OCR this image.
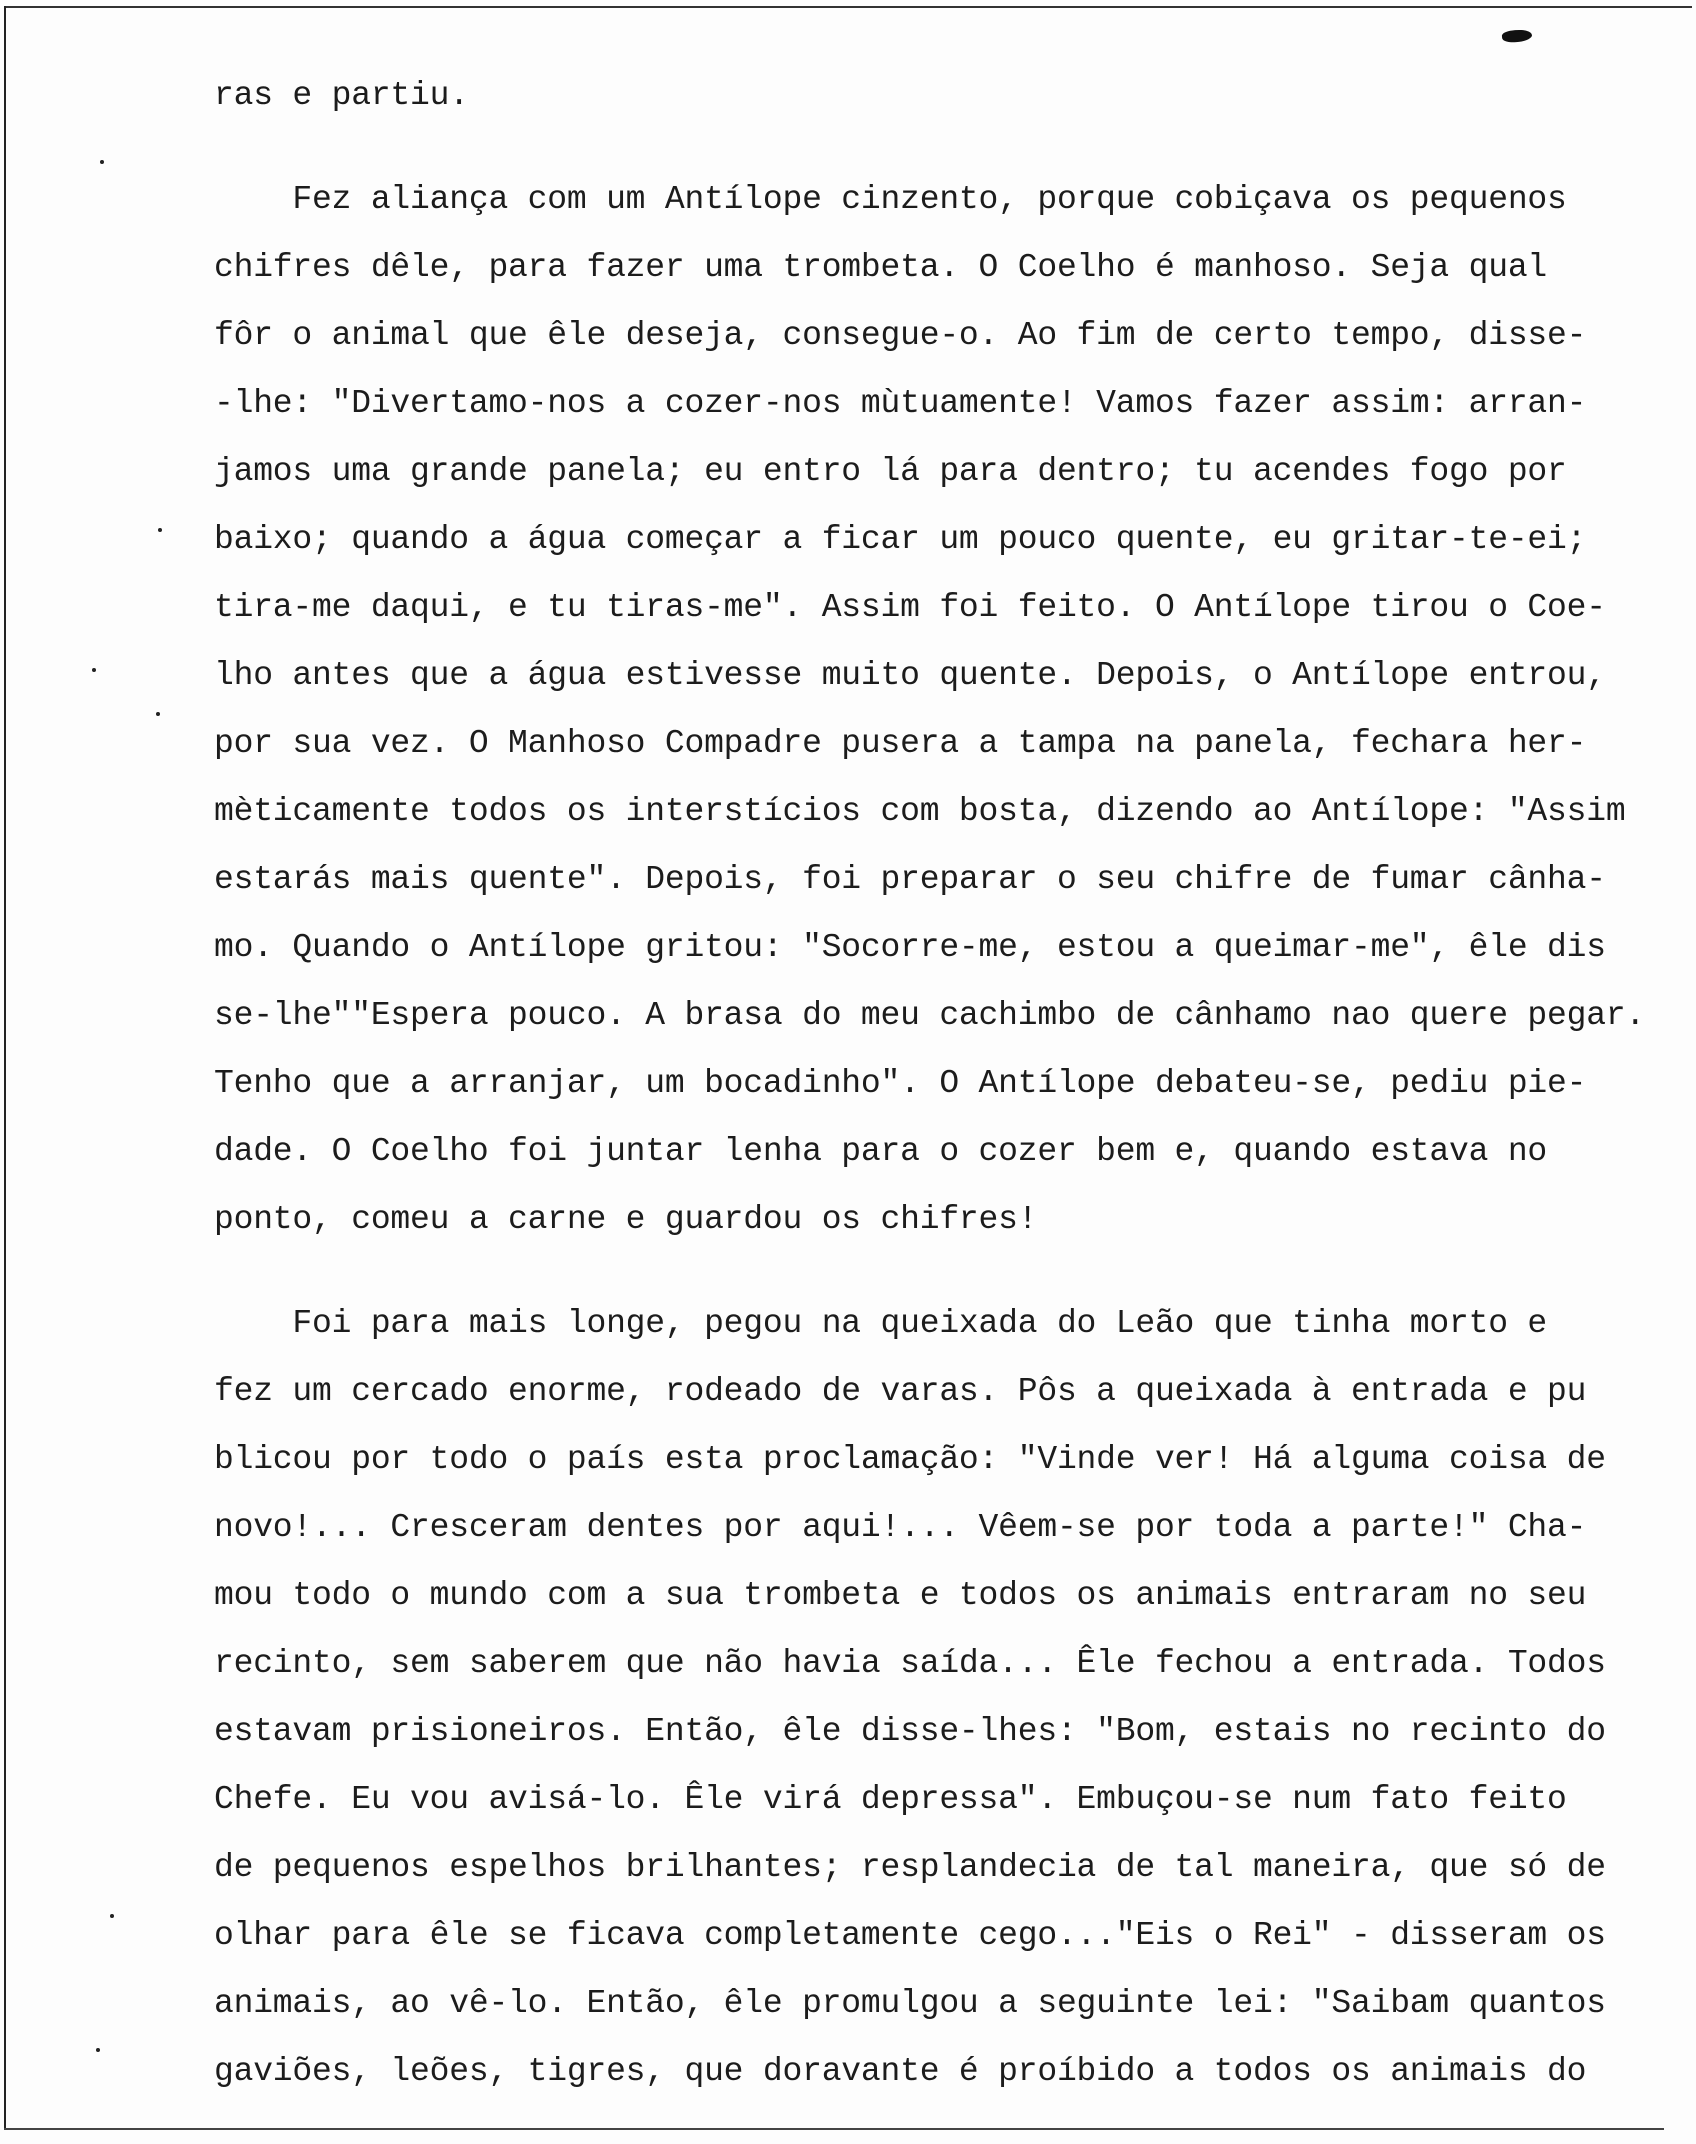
ras e partiu.
Fez aliança com um Antílope cinzento, porque cobiçava os pequenos
chifres dêle, para fazer uma trombeta. O Coelho é manhoso. Seja qual
fôr o animal que êle deseja, consegue-o. Ao fim de certo tempo, disse-
-lhe: "Divertamo-nos a cozer-nos mùtuamente! Vamos fazer assim: arran-
jamos uma grande panela; eu entro lá para dentro; tu acendes fogo por
baixo; quando a água começar a ficar um pouco quente, eu gritar-te-ei;
tira-me daqui, e tu tiras-me". Assim foi feito. O Antílope tirou o Coe-
lho antes que a água estivesse muito quente. Depois, o Antílope entrou,
por sua vez. O Manhoso Compadre pusera a tampa na panela, fechara her-
mèticamente todos os interstícios com bosta, dizendo ao Antílope: "Assim
estarás mais quente". Depois, foi preparar o seu chifre de fumar cânha-
mo. Quando o Antílope gritou: "Socorre-me, estou a queimar-me", êle dis
se-lhe""Espera pouco. A brasa do meu cachimbo de cânhamo nao quere pegar.
Tenho que a arranjar, um bocadinho". O Antílope debateu-se, pediu pie-
dade. O Coelho foi juntar lenha para o cozer bem e, quando estava no
ponto, comeu a carne e guardou os chifres!
Foi para mais longe, pegou na queixada do Leão que tinha morto e
fez um cercado enorme, rodeado de varas. Pôs a queixada à entrada e pu
blicou por todo o país esta proclamação: "Vinde ver! Há alguma coisa de
novo!... Cresceram dentes por aqui!... Vêem-se por toda a parte!" Cha-
mou todo o mundo com a sua trombeta e todos os animais entraram no seu
recinto, sem saberem que não havia saída... Êle fechou a entrada. Todos
estavam prisioneiros. Então, êle disse-lhes: "Bom, estais no recinto do
Chefe. Eu vou avisá-lo. Êle virá depressa". Embuçou-se num fato feito
de pequenos espelhos brilhantes; resplandecia de tal maneira, que só de
olhar para êle se ficava completamente cego..."Eis o Rei" - disseram os
animais, ao vê-lo. Então, êle promulgou a seguinte lei: "Saibam quantos
gaviões, leões, tigres, que doravante é proíbido a todos os animais do
